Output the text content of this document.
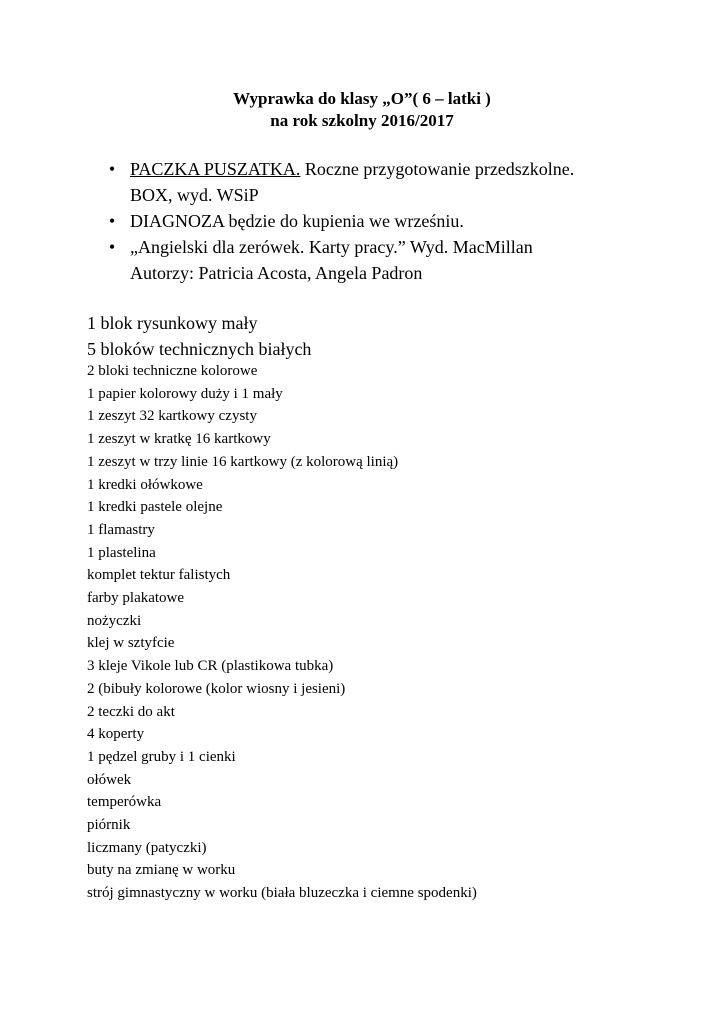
Wyprawka do klasy „O”( 6 – latki )
na rok szkolny 2016/2017
• PACZKA PUSZATKA. Roczne przygotowanie przedszkolne.
BOX, wyd. WSiP
• DIAGNOZA będzie do kupienia we wrześniu.
• „Angielski dla zerówek. Karty pracy.” Wyd. MacMillan
Autorzy: Patricia Acosta, Angela Padron
1 blok rysunkowy mały
5 bloków technicznych białych
2 bloki techniczne kolorowe
1 papier kolorowy duży i 1 mały
1 zeszyt 32 kartkowy czysty
1 zeszyt w kratkę 16 kartkowy
1 zeszyt w trzy linie 16 kartkowy (z kolorową linią)
1 kredki ołówkowe
1 kredki pastele olejne
1 flamastry
1 plastelina
komplet tektur falistych
farby plakatowe
nożyczki
klej w sztyfcie
3 kleje Vikole lub CR (plastikowa tubka)
2 (bibuły kolorowe (kolor wiosny i jesieni)
2 teczki do akt
4 koperty
1 pędzel gruby i 1 cienki
ołówek
temperówka
piórnik
liczmany (patyczki)
buty na zmianę w worku
strój gimnastyczny w worku (biała bluzeczka i ciemne spodenki)
